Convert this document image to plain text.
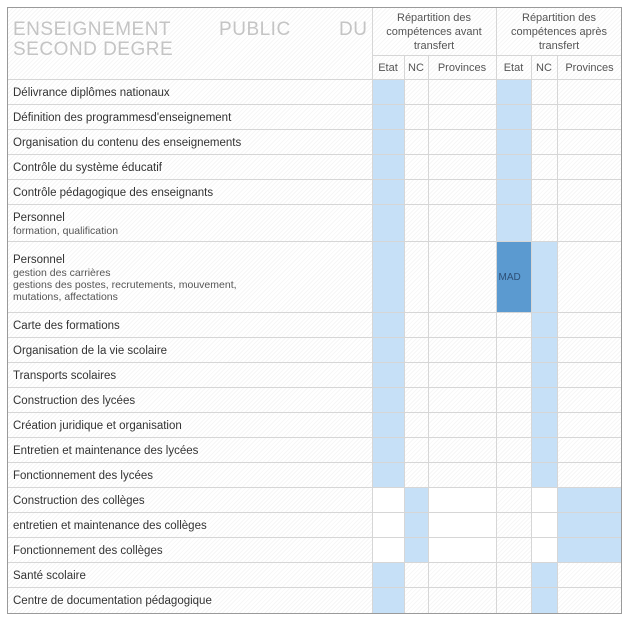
ENSEIGNEMENT PUBLIC DU SECOND DEGRE	Répartition des compétences avant transfert			Répartition des compétences après transfert		
	Etat	NC	Provinces	Etat	NC	Provinces
Délivrance diplômes nationaux						
Définition des programmesd'enseignement						
Organisation du contenu des enseignements						
Contrôle du système éducatif						
Contrôle pédagogique des enseignants						
Personnel
formation, qualification						

Personnel
gestion des carrières
gestions des postes, recrutements, mouvement,
mutations, affectations				MAD		
Carte des formations						
Organisation de la vie scolaire						
Transports scolaires						
Construction des lycées						
Création juridique et organisation						
Entretien et maintenance des lycées						
Fonctionnement des lycées						
Construction des collèges						
entretien et maintenance des collèges						
Fonctionnement des collèges						
Santé scolaire						
Centre de documentation pédagogique						
